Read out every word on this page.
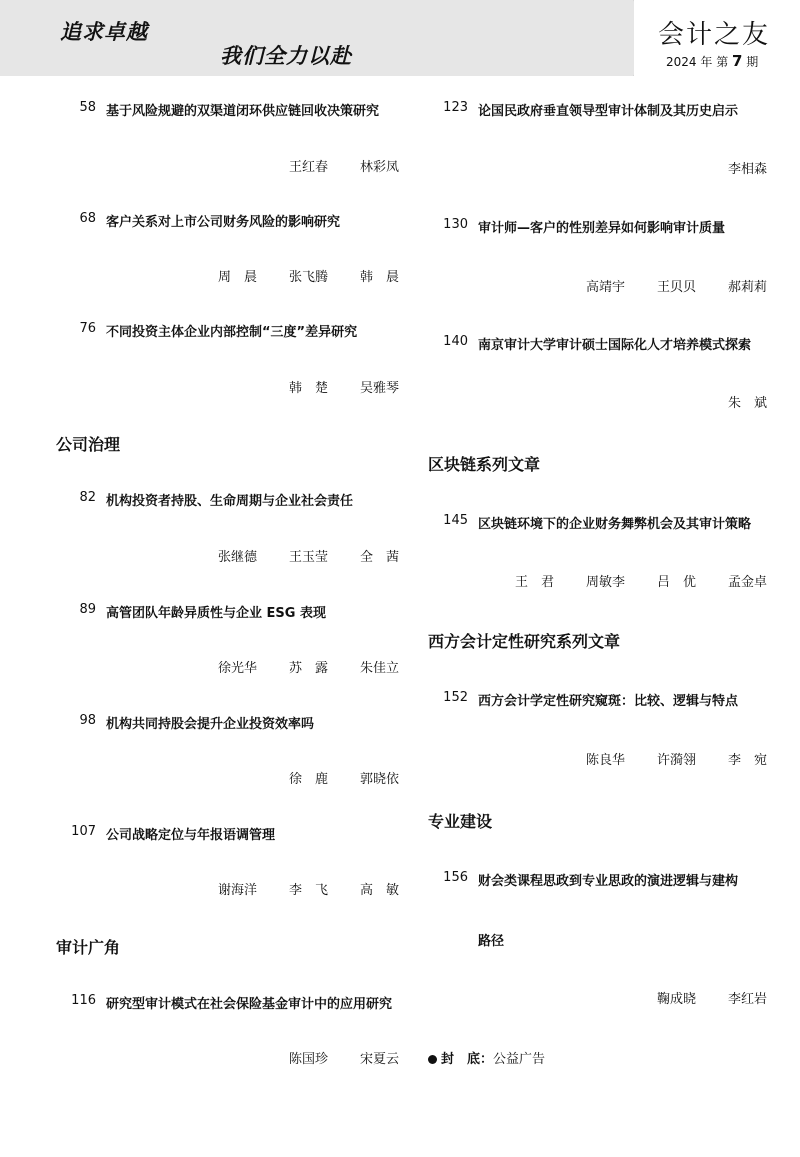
追求卓越
我们全力以赴
会计之友
2024 年 第 7 期
58 基于风险规避的双渠道闭环供应链回收决策研究
王红春 林彩凤
68 客户关系对上市公司财务风险的影响研究
周　晨 张飞腾 韩　晨
76 不同投资主体企业内部控制“三度”差异研究
韩　楚 吴雅琴
公司治理
82 机构投资者持股、生命周期与企业社会责任
张继德 王玉莹 全　茜
89 高管团队年龄异质性与企业 ESG 表现
徐光华 苏　露 朱佳立
98 机构共同持股会提升企业投资效率吗
徐　鹿 郭晓依
107 公司战略定位与年报语调管理
谢海洋 李　飞 高　敏
审计广角
116 研究型审计模式在社会保险基金审计中的应用研究
陈国珍 宋夏云
123 论国民政府垂直领导型审计体制及其历史启示
李相森
130 审计师—客户的性别差异如何影响审计质量
高靖宇 王贝贝 郝莉莉
140 南京审计大学审计硕士国际化人才培养模式探索
朱　斌
区块链系列文章
145 区块链环境下的企业财务舞弊机会及其审计策略
王　君 周敏李 吕　优 孟金卓
西方会计定性研究系列文章
152 西方会计学定性研究窥斑：比较、逻辑与特点
陈良华 许漪翎 李　宛
专业建设
156 财会类课程思政到专业思政的演进逻辑与建构
路径
鞠成晓 李红岩
封　底：公益广告
